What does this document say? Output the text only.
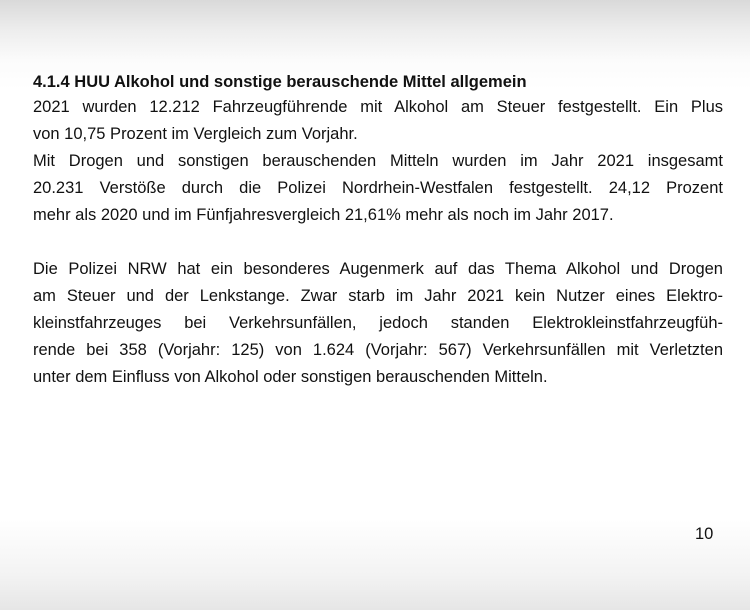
4.1.4 HUU Alkohol und sonstige berauschende Mittel allgemein

2021 wurden 12.212 Fahrzeugführende mit Alkohol am Steuer festgestellt. Ein Plus
von 10,75 Prozent im Vergleich zum Vorjahr.

Mit Drogen und sonstigen berauschenden Mitteln wurden im Jahr 2021 insgesamt
20.231 Verstöße durch die Polizei Nordrhein-Westfalen festgestellt. 24,12 Prozent
mehr als 2020 und im Fünfjahresvergleich 21,61% mehr als noch im Jahr 2017.

Die Polizei NRW hat ein besonderes Augenmerk auf das Thema Alkohol und Drogen
am Steuer und der Lenkstange. Zwar starb im Jahr 2021 kein Nutzer eines Elektro-
kleinstfahrzeuges bei Verkehrsunfällen, jedoch standen Elektrokleinstfahrzeugfüh-
rende bei 358 (Vorjahr: 125) von 1.624 (Vorjahr: 567) Verkehrsunfällen mit Verletzten
unter dem Einfluss von Alkohol oder sonstigen berauschenden Mitteln.

10
